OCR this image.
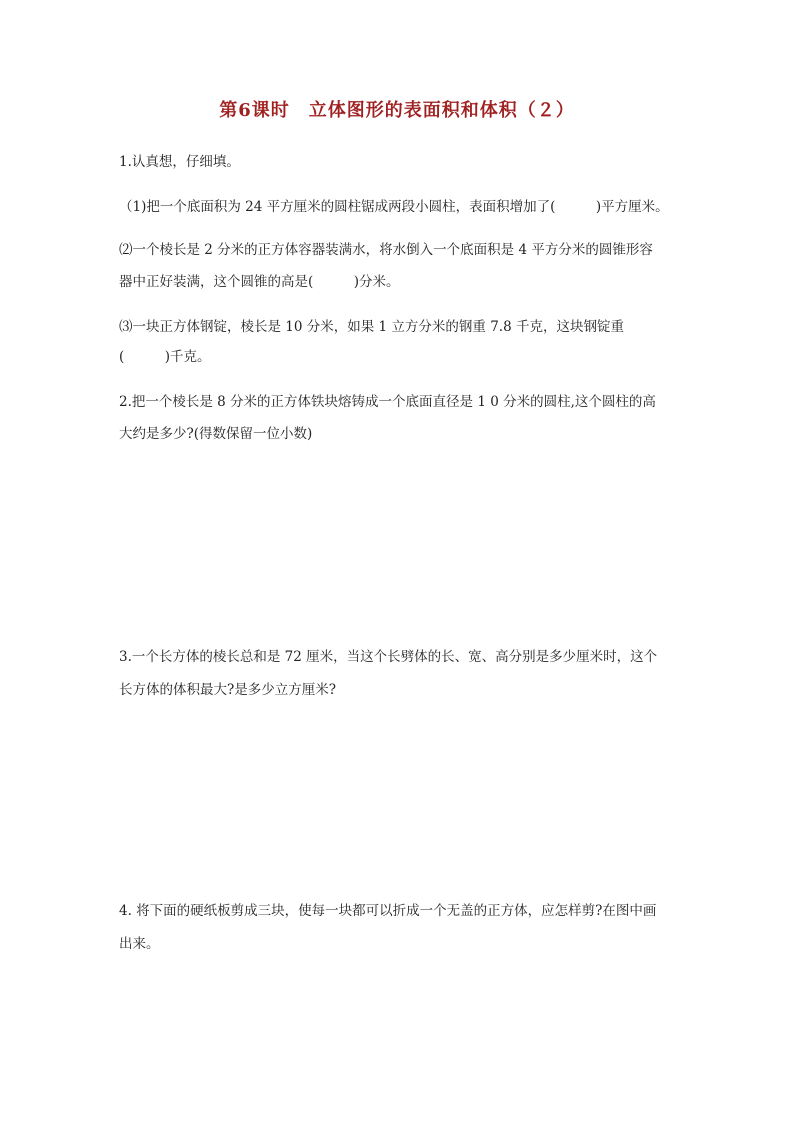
第6课时　立体图形的表面积和体积（２）
1.认真想，仔细填。
（1)把一个底面积为 24 平方厘米的圆柱锯成两段小圆柱，表面积增加了(　　　)平方厘米。
⑵一个棱长是 2 分米的正方体容器装满水，将水倒入一个底面积是 4 平方分米的圆锥形容
器中正好装满，这个圆锥的高是(　　　)分米。
⑶一块正方体钢锭，棱长是 10 分米，如果 1 立方分米的钢重 7.8 千克，这块钢锭重
(　　　)千克。
2.把一个棱长是 8 分米的正方体铁块熔铸成一个底面直径是 1 0 分米的圆柱,这个圆柱的高
大约是多少?(得数保留一位小数)
3.一个长方体的棱长总和是 72 厘米，当这个长劈体的长、宽、高分别是多少厘米时，这个
长方体的体积最大?是多少立方厘米?
4. 将下面的硬纸板剪成三块，使每一块都可以折成一个无盖的正方体，应怎样剪?在图中画
出来。
